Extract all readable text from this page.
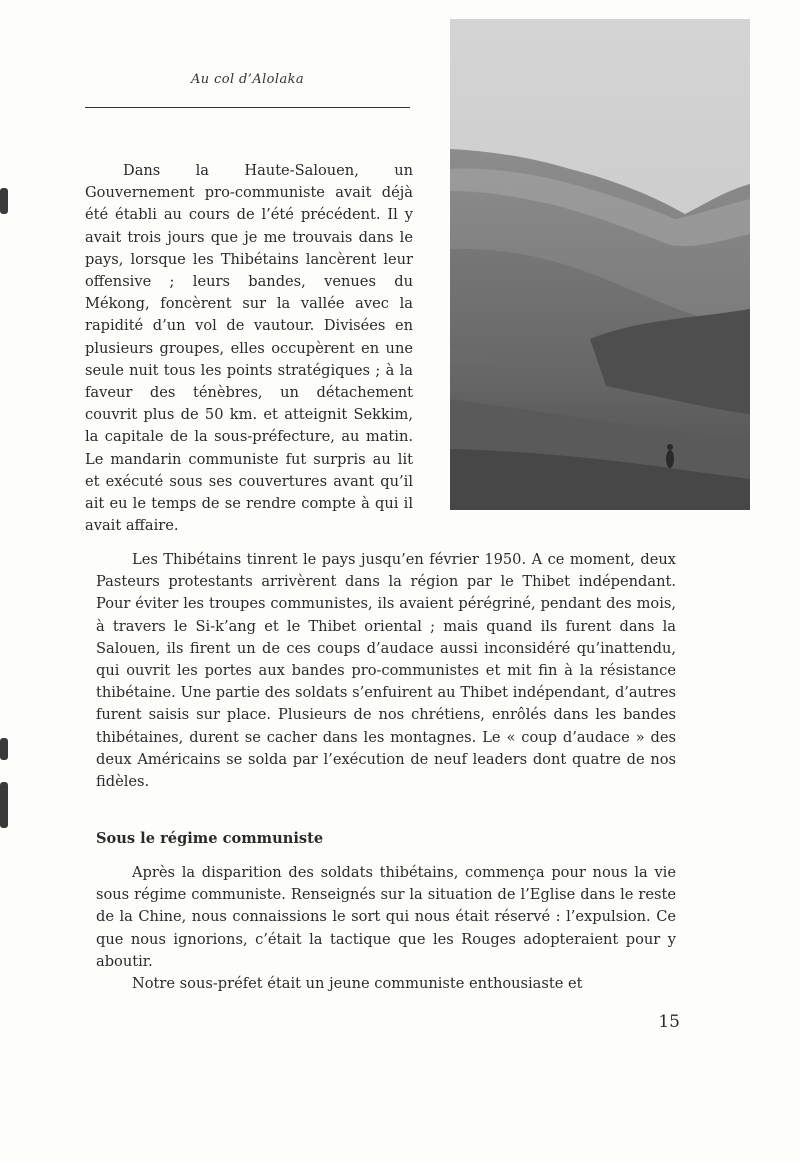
Au col d’Alolaka

Dans la Haute-Salouen, un Gouvernement pro-communiste avait déjà été établi au cours de l’été précédent. Il y avait trois jours que je me trouvais dans le pays, lorsque les Thibétains lancèrent leur offensive ; leurs bandes, venues du Mékong, foncèrent sur la vallée avec la rapidité d’un vol de vautour. Divisées en plusieurs groupes, elles occupèrent en une seule nuit tous les points stratégiques ; à la faveur des ténèbres, un détachement couvrit plus de 50 km. et atteignit Sekkim, la capitale de la sous-préfecture, au matin. Le mandarin communiste fut surpris au lit et exécuté sous ses couvertures avant qu’il ait eu le temps de se rendre compte à qui il avait affaire.

Les Thibétains tinrent le pays jusqu’en février 1950. A ce moment, deux Pasteurs protestants arrivèrent dans la région par le Thibet indépendant. Pour éviter les troupes communistes, ils avaient pérégriné, pendant des mois, à travers le Si-k’ang et le Thibet oriental ; mais quand ils furent dans la Salouen, ils firent un de ces coups d’audace aussi inconsidéré qu’inattendu, qui ouvrit les portes aux bandes pro-communistes et mit fin à la résistance thibétaine. Une partie des soldats s’enfuirent au Thibet indépendant, d’autres furent saisis sur place. Plusieurs de nos chrétiens, enrôlés dans les bandes thibétaines, durent se cacher dans les montagnes. Le « coup d’audace » des deux Américains se solda par l’exécution de neuf leaders dont quatre de nos fidèles.

Sous le régime communiste

Après la disparition des soldats thibétains, commença pour nous la vie sous régime communiste. Renseignés sur la situation de l’Eglise dans le reste de la Chine, nous connaissions le sort qui nous était réservé : l’expulsion. Ce que nous ignorions, c’était la tactique que les Rouges adopteraient pour y aboutir.

Notre sous-préfet était un jeune communiste enthousiaste et

15
